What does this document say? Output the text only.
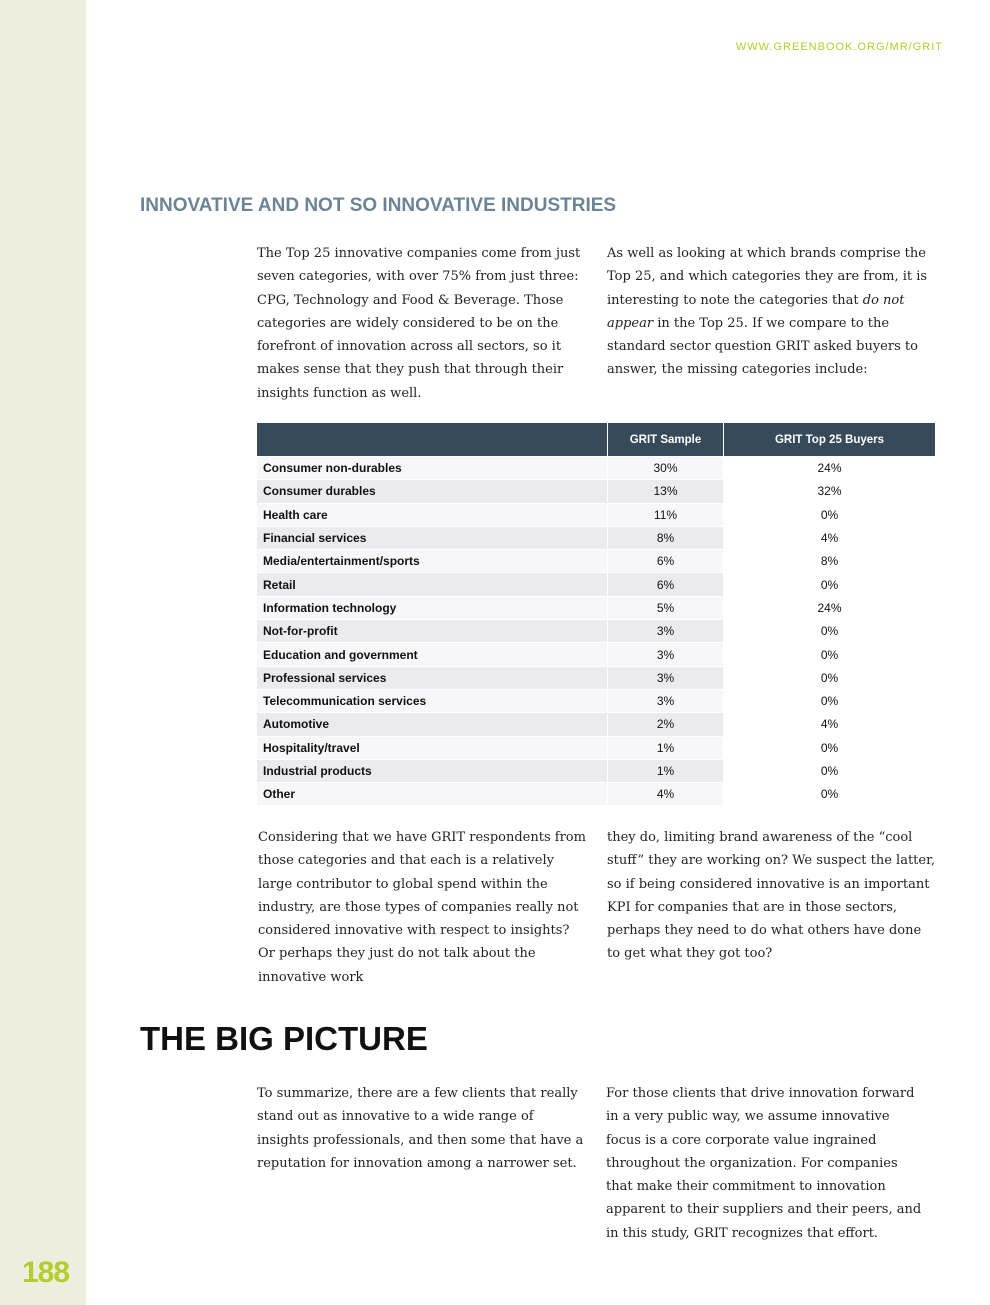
188
WWW.GREENBOOK.ORG/MR/GRIT
INNOVATIVE AND NOT SO INNOVATIVE INDUSTRIES

The Top 25 innovative companies come from just seven categories, with over 75% from just three: CPG, Technology and Food & Beverage. Those categories are widely considered to be on the forefront of innovation across all sectors, so it makes sense that they push that through their insights function as well.

As well as looking at which brands comprise the Top 25, and which categories they are from, it is interesting to note the categories that do not appear in the Top 25. If we compare to the standard sector question GRIT asked buyers to answer, the missing categories include:

	GRIT Sample	GRIT Top 25 Buyers
Consumer non-durables	30%	24%
Consumer durables	13%	32%
Health care	11%	0%
Financial services	8%	4%
Media/entertainment/sports	6%	8%
Retail	6%	0%
Information technology	5%	24%
Not-for-profit	3%	0%
Education and government	3%	0%
Professional services	3%	0%
Telecommunication services	3%	0%
Automotive	2%	4%
Hospitality/travel	1%	0%
Industrial products	1%	0%
Other	4%	0%

Considering that we have GRIT respondents from those categories and that each is a relatively large contributor to global spend within the industry, are those types of companies really not considered innovative with respect to insights? Or perhaps they just do not talk about the innovative work

they do, limiting brand awareness of the “cool stuff” they are working on? We suspect the latter, so if being considered innovative is an important KPI for companies that are in those sectors, perhaps they need to do what others have done to get what they got too?

THE BIG PICTURE

To summarize, there are a few clients that really stand out as innovative to a wide range of insights professionals, and then some that have a reputation for innovation among a narrower set.

For those clients that drive innovation forward in a very public way, we assume innovative focus is a core corporate value ingrained throughout the organization. For companies that make their commitment to innovation apparent to their suppliers and their peers, and in this study, GRIT recognizes that effort.
